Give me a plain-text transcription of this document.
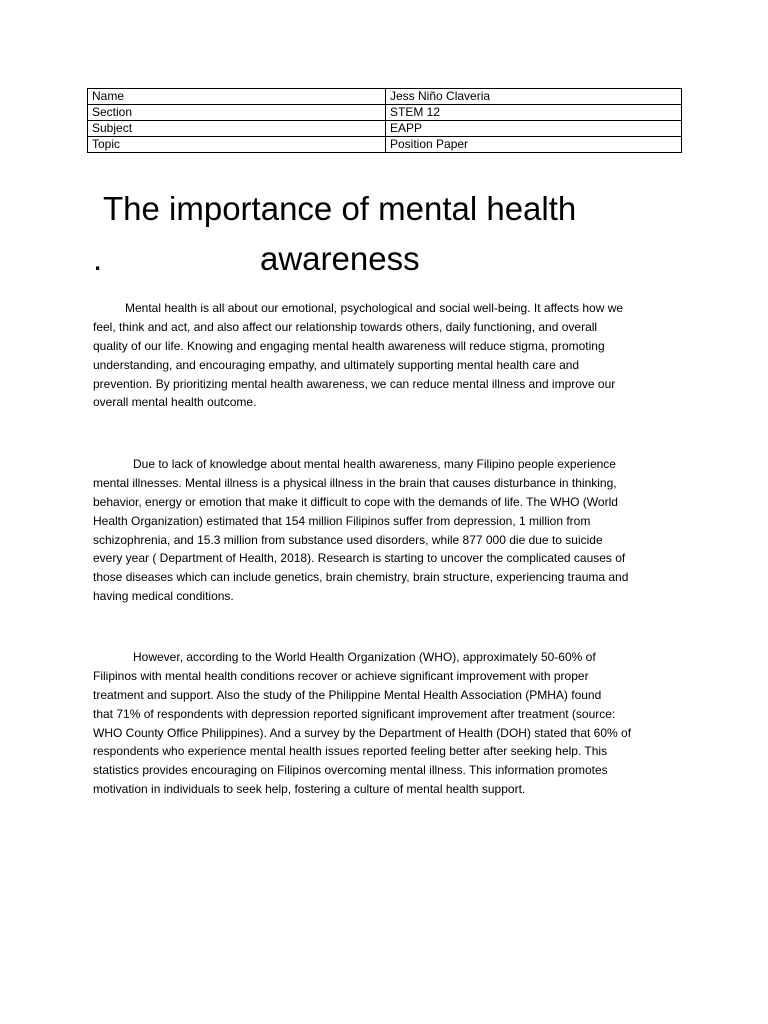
Name	Jess Niño Claveria
Section	STEM 12
Subject	EAPP
Topic	Position Paper
The importance of mental health
.	awareness
Mental health is all about our emotional, psychological and social well-being. It affects how we
feel, think and act, and also affect our relationship towards others, daily functioning, and overall
quality of our life. Knowing and engaging mental health awareness will reduce stigma, promoting
understanding, and encouraging empathy, and ultimately supporting mental health care and
prevention. By prioritizing mental health awareness, we can reduce mental illness and improve our
overall mental health outcome.
Due to lack of knowledge about mental health awareness, many Filipino people experience
mental illnesses. Mental illness is a physical illness in the brain that causes disturbance in thinking,
behavior, energy or emotion that make it difficult to cope with the demands of life. The WHO (World
Health Organization) estimated that 154 million Filipinos suffer from depression, 1 million from
schizophrenia, and 15.3 million from substance used disorders, while 877 000 die due to suicide
every year ( Department of Health, 2018). Research is starting to uncover the complicated causes of
those diseases which can include genetics, brain chemistry, brain structure, experiencing trauma and
having medical conditions.
However, according to the World Health Organization (WHO), approximately 50-60% of
Filipinos with mental health conditions recover or achieve significant improvement with proper
treatment and support. Also the study of the Philippine Mental Health Association (PMHA) found
that 71% of respondents with depression reported significant improvement after treatment (source:
WHO County Office Philippines). And a survey by the Department of Health (DOH) stated that 60% of
respondents who experience mental health issues reported feeling better after seeking help. This
statistics provides encouraging on Filipinos overcoming mental illness. This information promotes
motivation in individuals to seek help, fostering a culture of mental health support.
